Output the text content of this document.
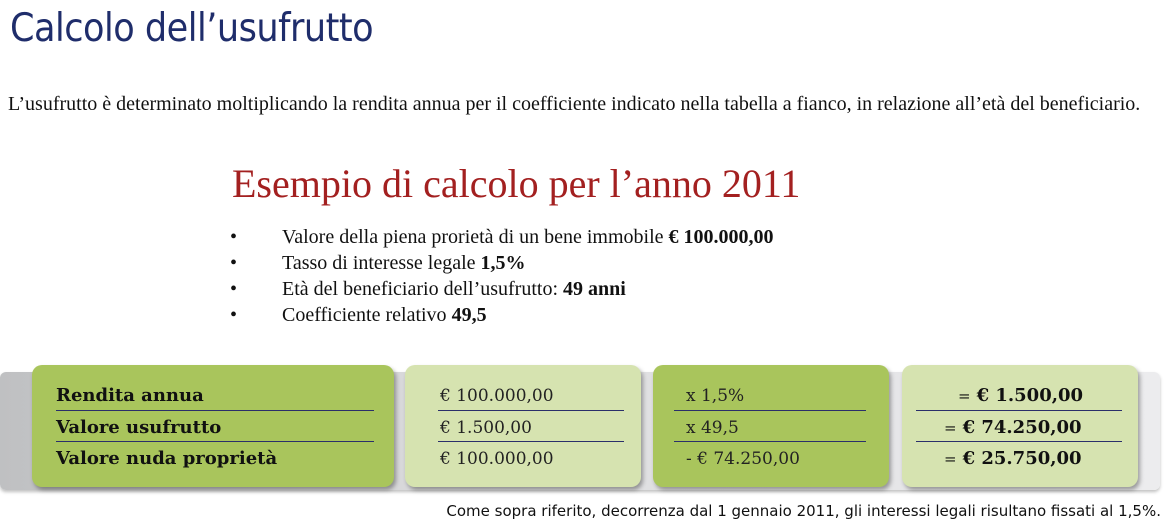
Calcolo dell’usufrutto

L’usufrutto è determinato moltiplicando la rendita annua per il coefficiente indicato nella tabella a fianco, in relazione all’età del beneficiario.

Esempio di calcolo per l’anno 2011
• Valore della piena prorietà di un bene immobile € 100.000,00
• Tasso di interesse legale 1,5%
• Età del beneficiario dell’usufrutto: 49 anni
• Coefficiente relativo 49,5
Rendita annua	€ 100.000,00	x 1,5%	= € 1.500,00
Valore usufrutto	€ 1.500,00	x 49,5	= € 74.250,00
Valore nuda proprietà	€ 100.000,00	- € 74.250,00	= € 25.750,00

Come sopra riferito, decorrenza dal 1 gennaio 2011, gli interessi legali risultano fissati al 1,5%.
